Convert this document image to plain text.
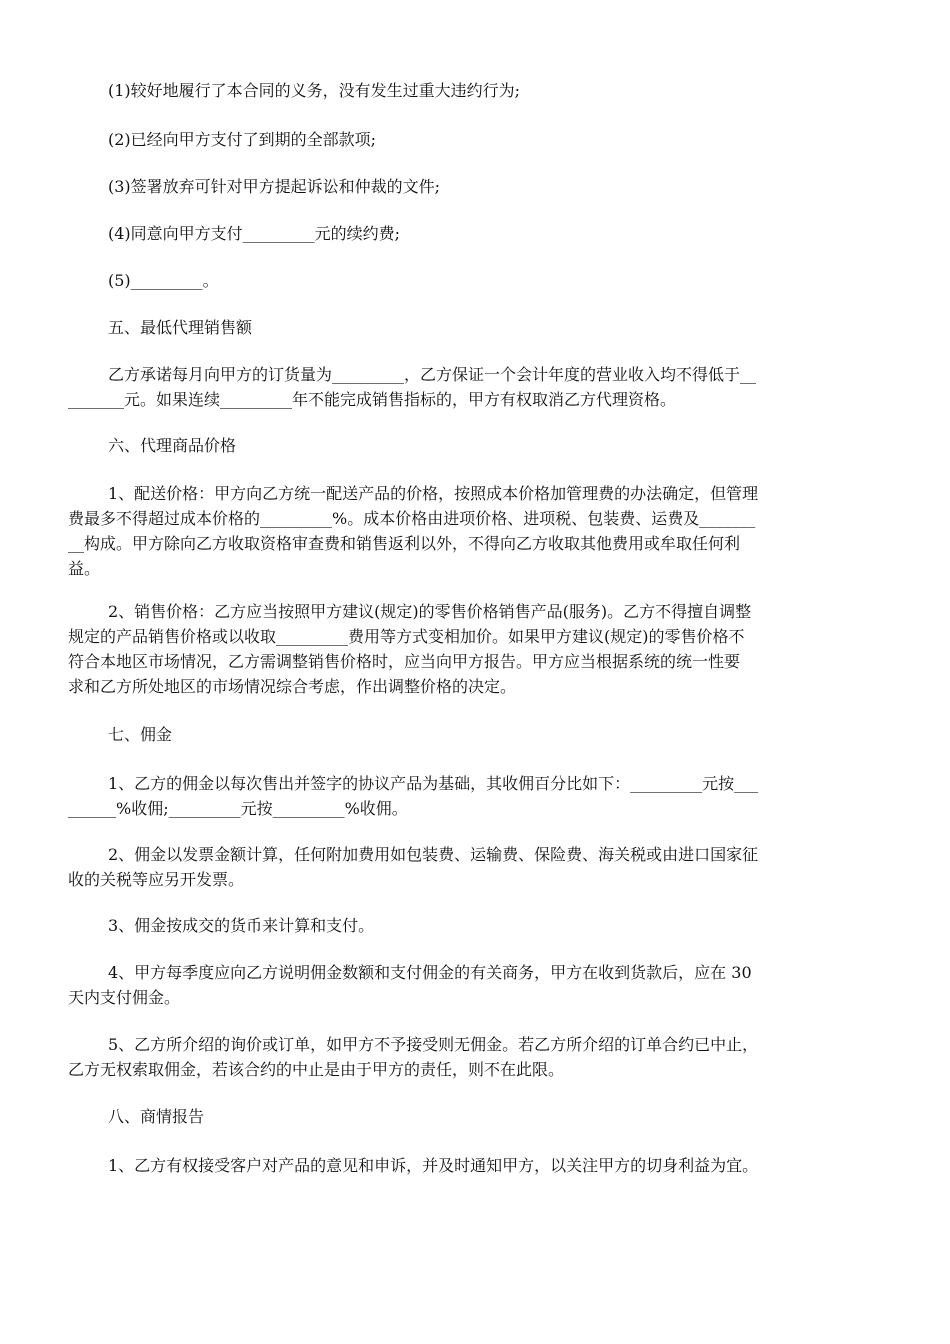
(1)较好地履行了本合同的义务，没有发生过重大违约行为;
(2)已经向甲方支付了到期的全部款项;
(3)签署放弃可针对甲方提起诉讼和仲裁的文件;
(4)同意向甲方支付_________元的续约费;
(5)_________。
五、最低代理销售额
乙方承诺每月向甲方的订货量为_________，乙方保证一个会计年度的营业收入均不得低于__
_______元。如果连续_________年不能完成销售指标的，甲方有权取消乙方代理资格。
六、代理商品价格
1、配送价格：甲方向乙方统一配送产品的价格，按照成本价格加管理费的办法确定，但管理
费最多不得超过成本价格的_________%。成本价格由进项价格、进项税、包装费、运费及_______
__构成。甲方除向乙方收取资格审查费和销售返利以外，不得向乙方收取其他费用或牟取任何利
益。
2、销售价格：乙方应当按照甲方建议(规定)的零售价格销售产品(服务)。乙方不得擅自调整
规定的产品销售价格或以收取_________费用等方式变相加价。如果甲方建议(规定)的零售价格不
符合本地区市场情况，乙方需调整销售价格时，应当向甲方报告。甲方应当根据系统的统一性要
求和乙方所处地区的市场情况综合考虑，作出调整价格的决定。
七、佣金
1、乙方的佣金以每次售出并签字的协议产品为基础，其收佣百分比如下：_________元按___
______%收佣;_________元按_________%收佣。
2、佣金以发票金额计算，任何附加费用如包装费、运输费、保险费、海关税或由进口国家征
收的关税等应另开发票。
3、佣金按成交的货币来计算和支付。
4、甲方每季度应向乙方说明佣金数额和支付佣金的有关商务，甲方在收到货款后，应在 30
天内支付佣金。
5、乙方所介绍的询价或订单，如甲方不予接受则无佣金。若乙方所介绍的订单合约已中止，
乙方无权索取佣金，若该合约的中止是由于甲方的责任，则不在此限。
八、商情报告
1、乙方有权接受客户对产品的意见和申诉，并及时通知甲方，以关注甲方的切身利益为宜。
